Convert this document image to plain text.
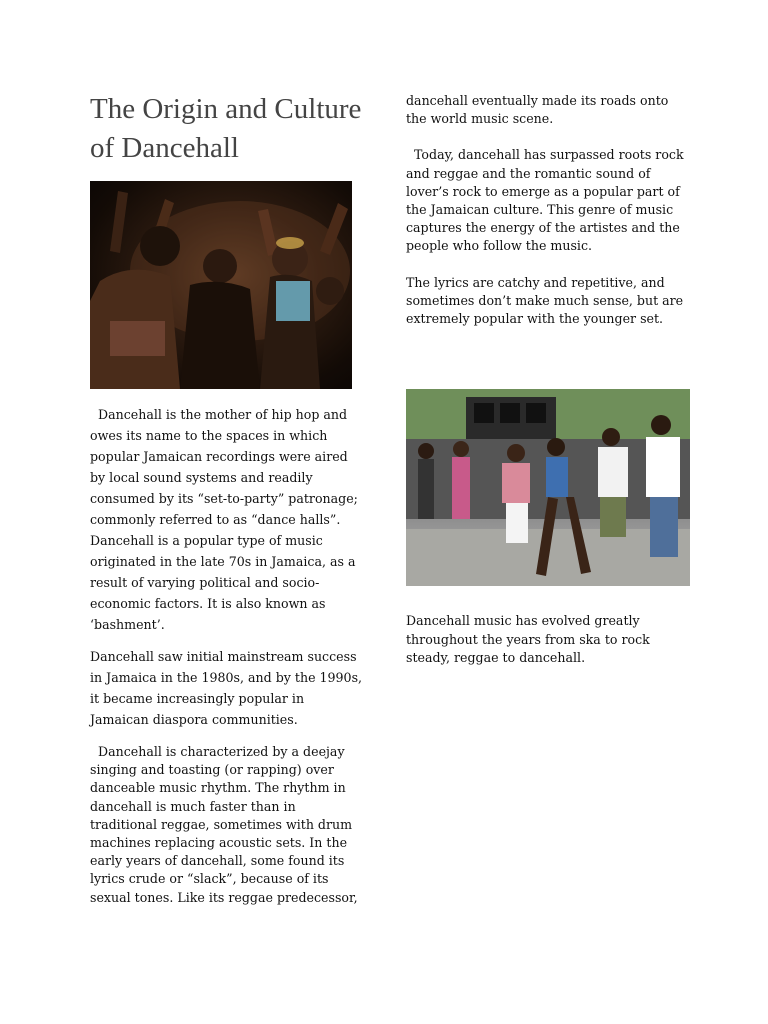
The Origin and Culture of Dancehall

Dancehall is the mother of hip hop and owes its name to the spaces in which popular Jamaican recordings were aired by local sound systems and readily consumed by its “set-to-party” patronage; commonly referred to as “dance halls”. Dancehall is a popular type of music originated in the late 70s in Jamaica, as a result of varying political and socio-economic factors. It is also known as ‘bashment’.

Dancehall saw initial mainstream success in Jamaica in the 1980s, and by the 1990s, it became increasingly popular in Jamaican diaspora communities.

Dancehall is characterized by a deejay singing and toasting (or rapping) over danceable music rhythm. The rhythm in dancehall is much faster than in traditional reggae, sometimes with drum machines replacing acoustic sets. In the early years of dancehall, some found its lyrics crude or “slack”, because of its sexual tones. Like its reggae predecessor,

dancehall eventually made its roads onto the world music scene.

Today, dancehall has surpassed roots rock and reggae and the romantic sound of lover’s rock to emerge as a popular part of the Jamaican culture. This genre of music captures the energy of the artistes and the people who follow the music.

The lyrics are catchy and repetitive, and sometimes don’t make much sense, but are extremely popular with the younger set.

Dancehall music has evolved greatly throughout the years from ska to rock steady, reggae to dancehall.
